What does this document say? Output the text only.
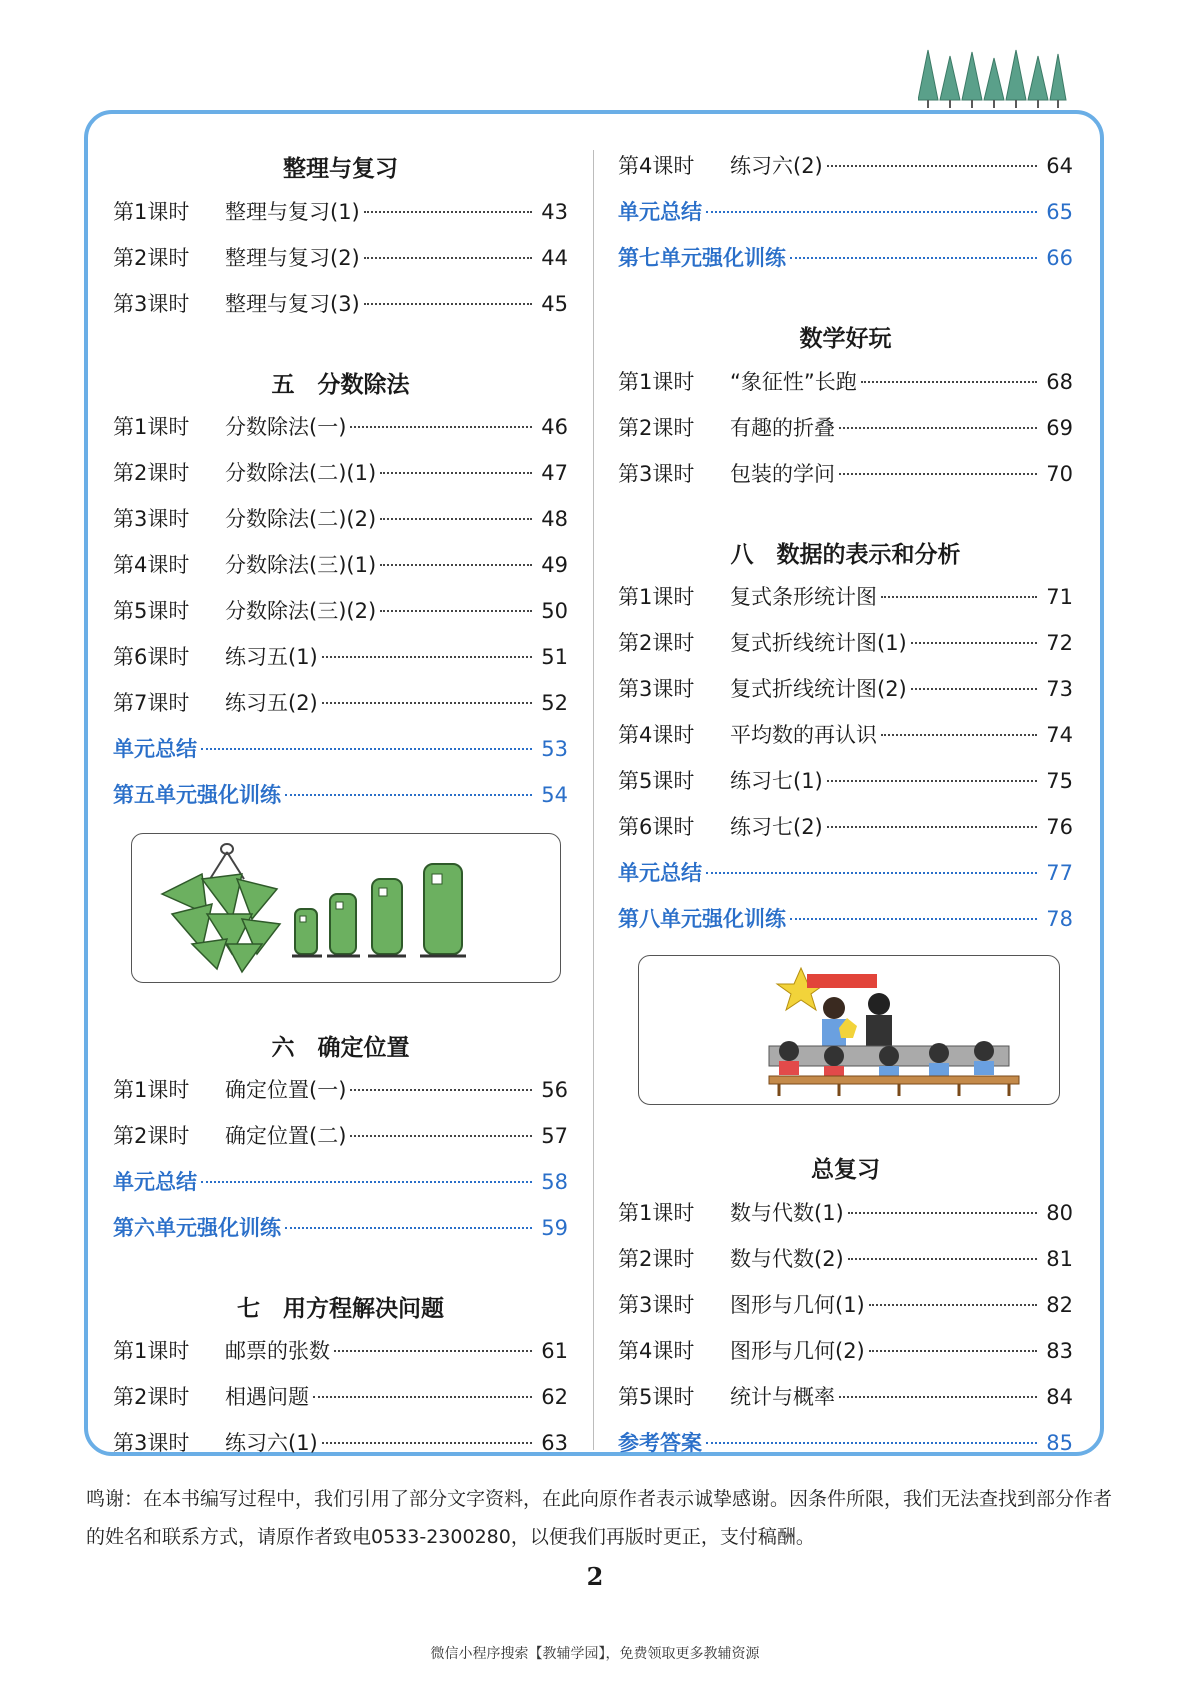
整理与复习
第1课时	整理与复习(1)	43
第2课时	整理与复习(2)	44
第3课时	整理与复习(3)	45
五　分数除法
第1课时	分数除法(一)	46
第2课时	分数除法(二)(1)	47
第3课时	分数除法(二)(2)	48
第4课时	分数除法(三)(1)	49
第5课时	分数除法(三)(2)	50
第6课时	练习五(1)	51
第7课时	练习五(2)	52
单元总结	53
第五单元强化训练	54
六　确定位置
第1课时	确定位置(一)	56
第2课时	确定位置(二)	57
单元总结	58
第六单元强化训练	59
七　用方程解决问题
第1课时	邮票的张数	61
第2课时	相遇问题	62
第3课时	练习六(1)	63
第4课时	练习六(2)	64
单元总结	65
第七单元强化训练	66
数学好玩
第1课时	“象征性”长跑	68
第2课时	有趣的折叠	69
第3课时	包装的学问	70
八　数据的表示和分析
第1课时	复式条形统计图	71
第2课时	复式折线统计图(1)	72
第3课时	复式折线统计图(2)	73
第4课时	平均数的再认识	74
第5课时	练习七(1)	75
第6课时	练习七(2)	76
单元总结	77
第八单元强化训练	78
总复习
第1课时	数与代数(1)	80
第2课时	数与代数(2)	81
第3课时	图形与几何(1)	82
第4课时	图形与几何(2)	83
第5课时	统计与概率	84
参考答案	85
鸣谢：在本书编写过程中，我们引用了部分文字资料，在此向原作者表示诚挚感谢。因条件所限，我们无法查找到部分作者的姓名和联系方式，请原作者致电0533-2300280，以便我们再版时更正，支付稿酬。
2
微信小程序搜索【教辅学园】，免费领取更多教辅资源
